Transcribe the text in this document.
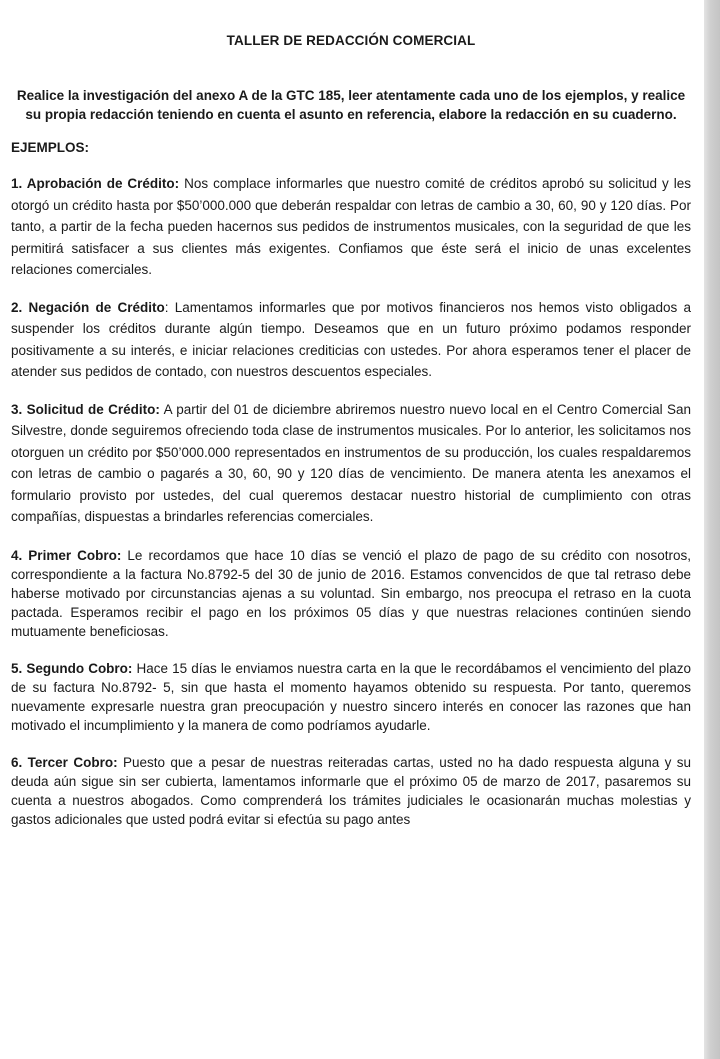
TALLER DE REDACCIÓN COMERCIAL
Realice la investigación del anexo A de la GTC 185, leer atentamente cada uno de los ejemplos, y realice su propia redacción teniendo en cuenta el asunto en referencia, elabore la redacción en su cuaderno.
EJEMPLOS:

1. Aprobación de Crédito: Nos complace informarles que nuestro comité de créditos aprobó su solicitud y les otorgó un crédito hasta por $50’000.000 que deberán respaldar con letras de cambio a 30, 60, 90 y 120 días. Por tanto, a partir de la fecha pueden hacernos sus pedidos de instrumentos musicales, con la seguridad de que les permitirá satisfacer a sus clientes más exigentes. Confiamos que éste será el inicio de unas excelentes relaciones comerciales.

2. Negación de Crédito: Lamentamos informarles que por motivos financieros nos hemos visto obligados a suspender los créditos durante algún tiempo. Deseamos que en un futuro próximo podamos responder positivamente a su interés, e iniciar relaciones crediticias con ustedes. Por ahora esperamos tener el placer de atender sus pedidos de contado, con nuestros descuentos especiales.

3. Solicitud de Crédito: A partir del 01 de diciembre abriremos nuestro nuevo local en el Centro Comercial San Silvestre, donde seguiremos ofreciendo toda clase de instrumentos musicales. Por lo anterior, les solicitamos nos otorguen un crédito por $50’000.000 representados en instrumentos de su producción, los cuales respaldaremos con letras de cambio o pagarés a 30, 60, 90 y 120 días de vencimiento. De manera atenta les anexamos el formulario provisto por ustedes, del cual queremos destacar nuestro historial de cumplimiento con otras compañías, dispuestas a brindarles referencias comerciales.

4. Primer Cobro: Le recordamos que hace 10 días se venció el plazo de pago de su crédito con nosotros, correspondiente a la factura No.8792-5 del 30 de junio de 2016. Estamos convencidos de que tal retraso debe haberse motivado por circunstancias ajenas a su voluntad. Sin embargo, nos preocupa el retraso en la cuota pactada. Esperamos recibir el pago en los próximos 05 días y que nuestras relaciones continúen siendo mutuamente beneficiosas.

5. Segundo Cobro: Hace 15 días le enviamos nuestra carta en la que le recordábamos el vencimiento del plazo de su factura No.8792- 5, sin que hasta el momento hayamos obtenido su respuesta. Por tanto, queremos nuevamente expresarle nuestra gran preocupación y nuestro sincero interés en conocer las razones que han motivado el incumplimiento y la manera de como podríamos ayudarle.

6. Tercer Cobro: Puesto que a pesar de nuestras reiteradas cartas, usted no ha dado respuesta alguna y su deuda aún sigue sin ser cubierta, lamentamos informarle que el próximo 05 de marzo de 2017, pasaremos su cuenta a nuestros abogados. Como comprenderá los trámites judiciales le ocasionarán muchas molestias y gastos adicionales que usted podrá evitar si efectúa su pago antes
